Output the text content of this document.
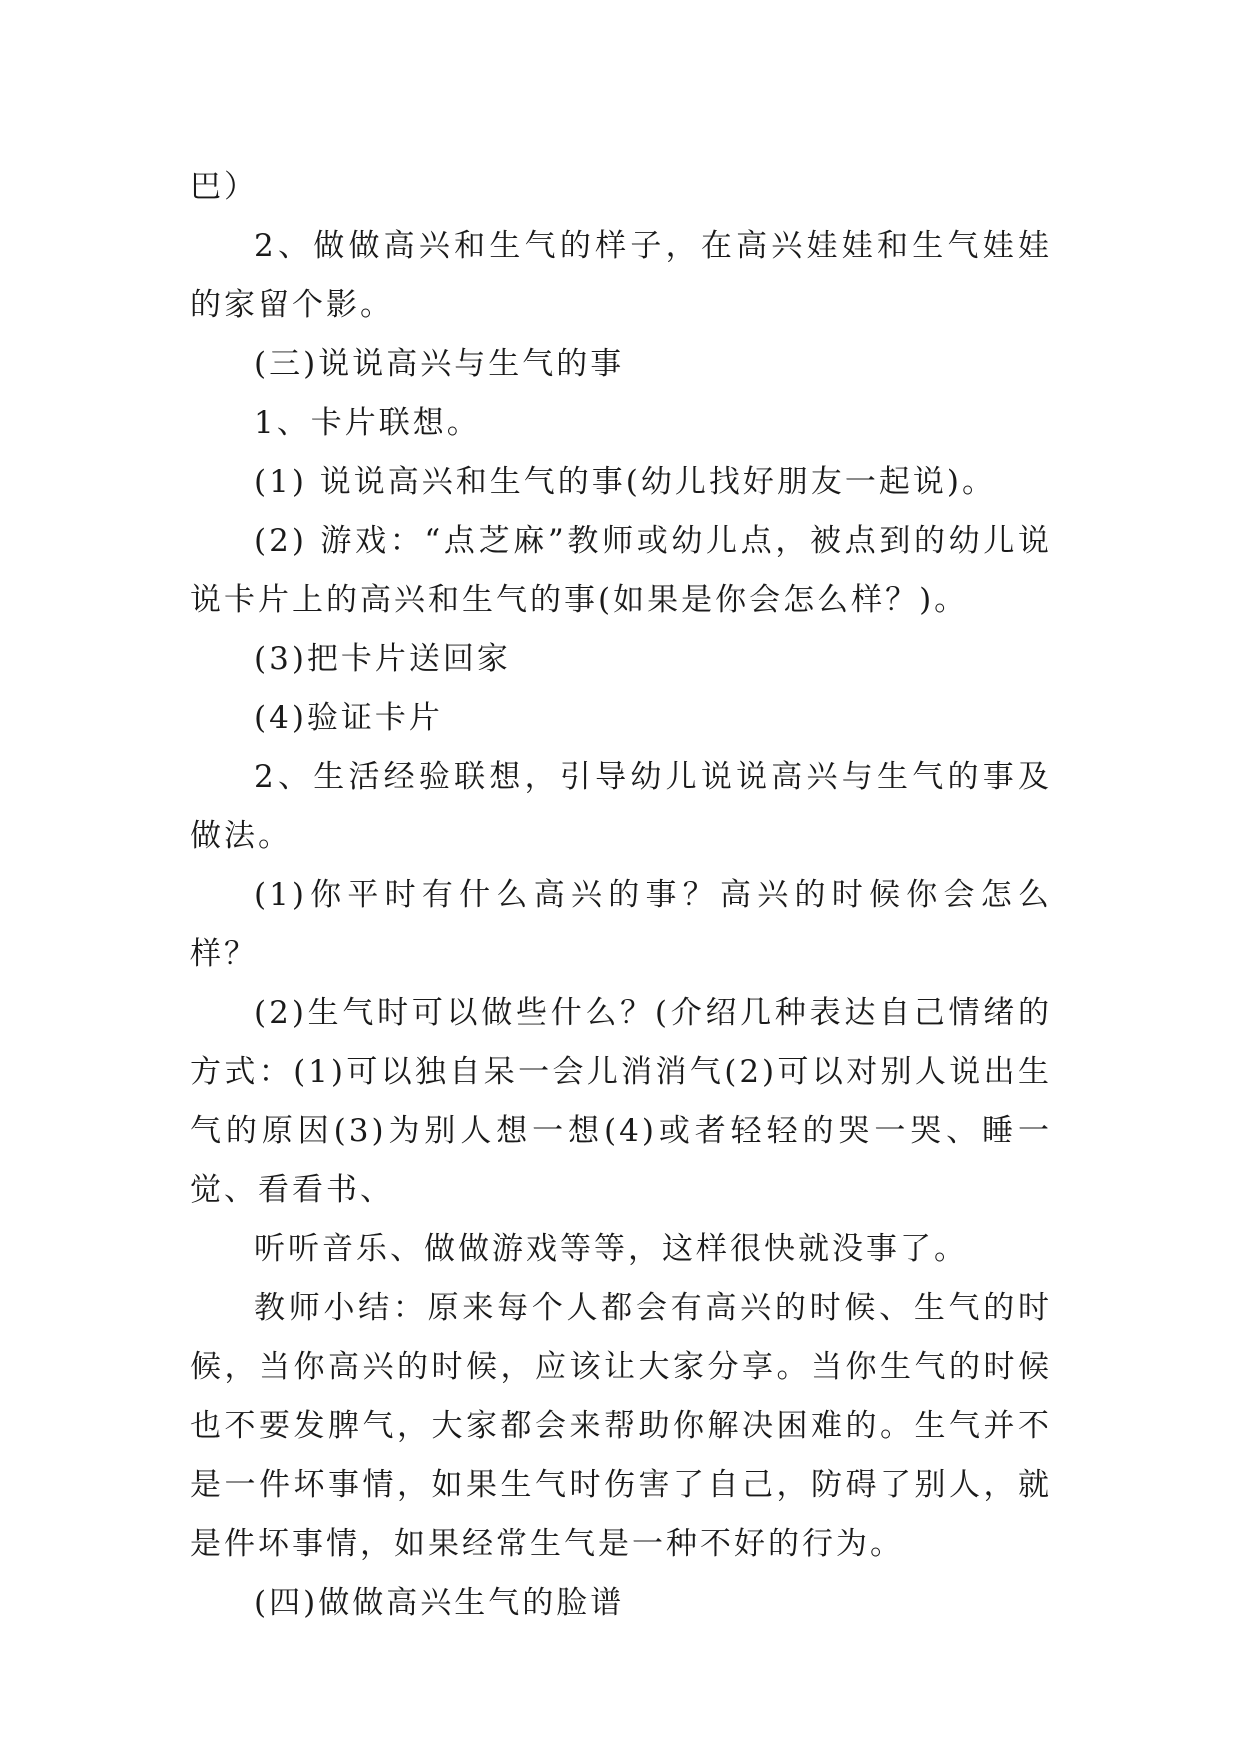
巴）

2、做做高兴和生气的样子，在高兴娃娃和生气娃娃的家留个影。

(三)说说高兴与生气的事

1、卡片联想。

(1) 说说高兴和生气的事(幼儿找好朋友一起说)。

(2) 游戏：“点芝麻”教师或幼儿点，被点到的幼儿说说卡片上的高兴和生气的事(如果是你会怎么样？)。

(3)把卡片送回家

(4)验证卡片

2、生活经验联想，引导幼儿说说高兴与生气的事及做法。

(1)你平时有什么高兴的事？高兴的时候你会怎么样？

(2)生气时可以做些什么？(介绍几种表达自己情绪的方式：(1)可以独自呆一会儿消消气(2)可以对别人说出生气的原因(3)为别人想一想(4)或者轻轻的哭一哭、睡一觉、看看书、

听听音乐、做做游戏等等，这样很快就没事了。

教师小结：原来每个人都会有高兴的时候、生气的时候，当你高兴的时候，应该让大家分享。当你生气的时候也不要发脾气，大家都会来帮助你解决困难的。生气并不是一件坏事情，如果生气时伤害了自己，防碍了别人，就是件坏事情，如果经常生气是一种不好的行为。

(四)做做高兴生气的脸谱
